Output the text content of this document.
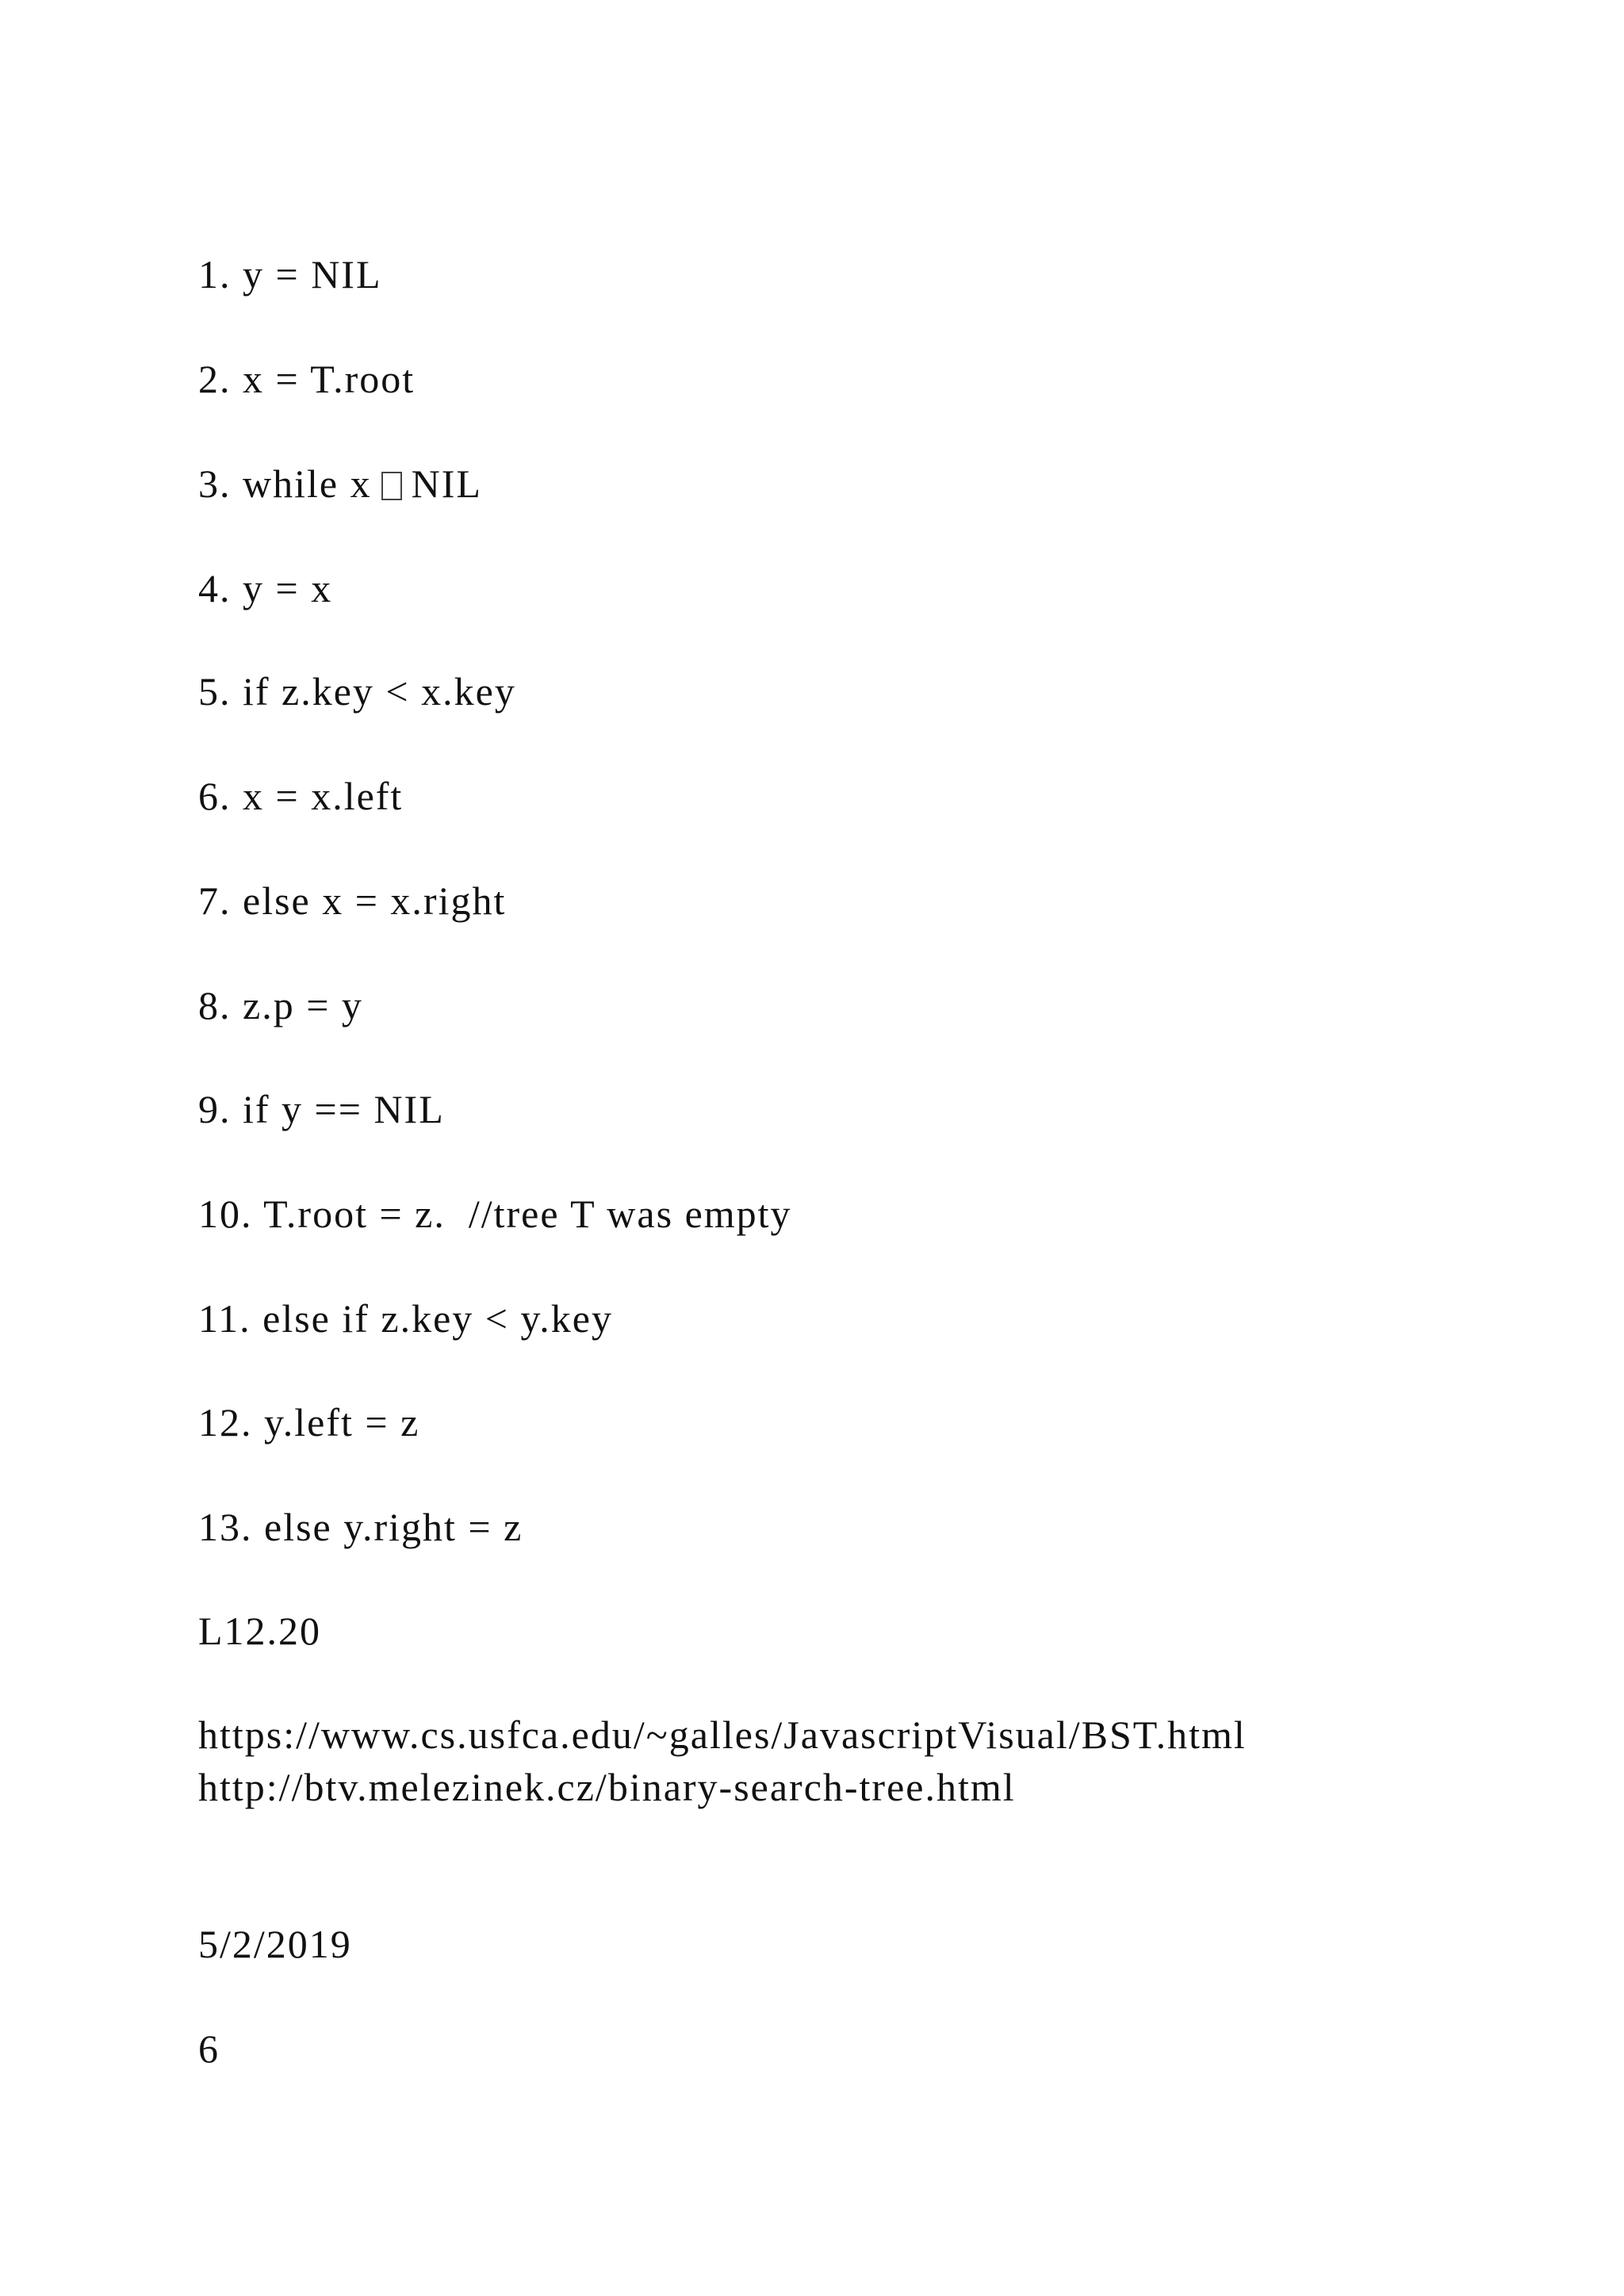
1. y = NIL
2. x = T.root
3. while x NIL
4. y = x
5. if z.key < x.key
6. x = x.left
7. else x = x.right
8. z.p = y
9. if y == NIL
10. T.root = z.  //tree T was empty
11. else if z.key < y.key
12. y.left = z
13. else y.right = z
L12.20
https://www.cs.usfca.edu/~galles/JavascriptVisual/BST.html
http://btv.melezinek.cz/binary-search-tree.html
5/2/2019
6
